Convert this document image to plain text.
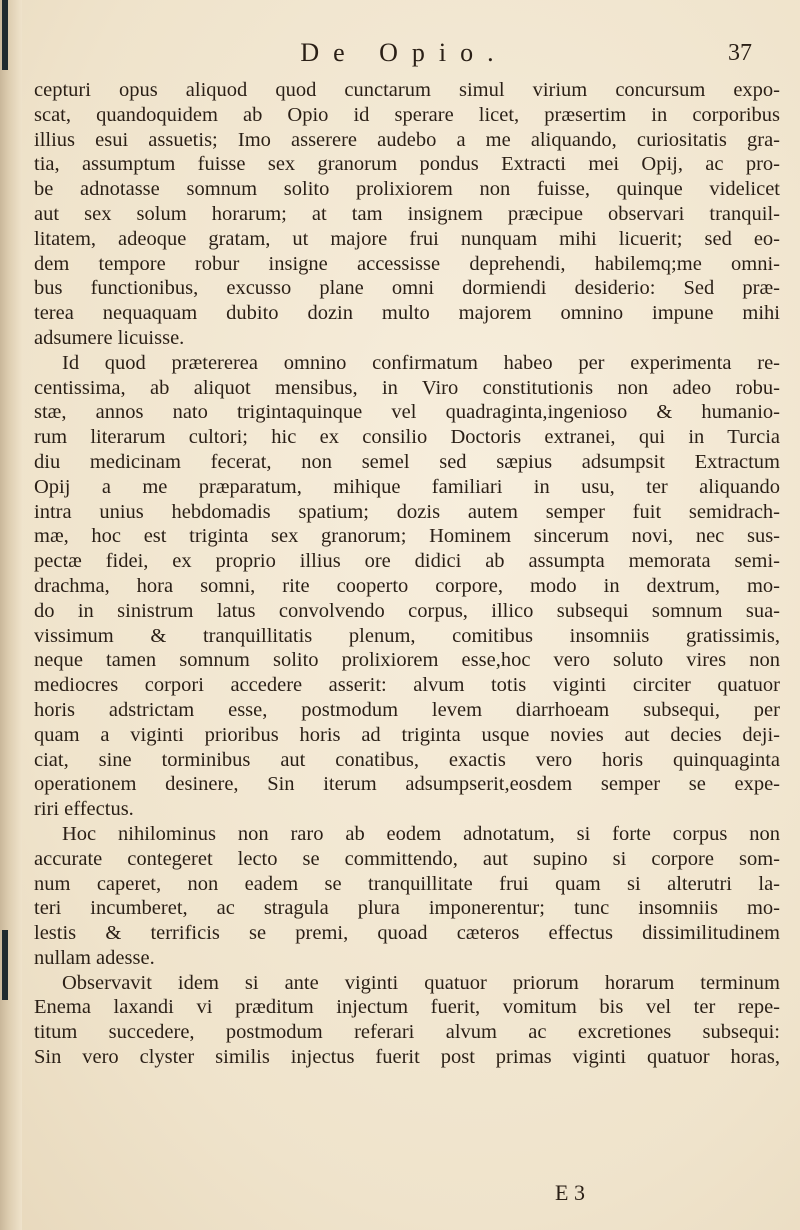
De Opio.	37
cepturi opus aliquod quod cunctarum simul virium concursum expo-
scat, quandoquidem ab Opio id sperare licet, præsertim in corporibus
illius esui assuetis; Imo asserere audebo a me aliquando, curiositatis gra-
tia, assumptum fuisse sex granorum pondus Extracti mei Opij, ac pro-
be adnotasse somnum solito prolixiorem non fuisse, quinque videlicet
aut sex solum horarum; at tam insignem præcipue observari tranquil-
litatem, adeoque gratam, ut majore frui nunquam mihi licuerit; sed eo-
dem tempore robur insigne accessisse deprehendi, habilemq;me omni-
bus functionibus, excusso plane omni dormiendi desiderio: Sed præ-
terea nequaquam dubito dozin multo majorem omnino impune mihi
adsumere licuisse.
Id quod prætererea omnino confirmatum habeo per experimenta re-
centissima, ab aliquot mensibus, in Viro constitutionis non adeo robu-
stæ, annos nato trigintaquinque vel quadraginta,ingenioso & humanio-
rum literarum cultori; hic ex consilio Doctoris extranei, qui in Turcia
diu medicinam fecerat, non semel sed sæpius adsumpsit Extractum
Opij a me præparatum, mihique familiari in usu, ter aliquando
intra unius hebdomadis spatium; dozis autem semper fuit semidrach-
mæ, hoc est triginta sex granorum; Hominem sincerum novi, nec sus-
pectæ fidei, ex proprio illius ore didici ab assumpta memorata semi-
drachma, hora somni, rite cooperto corpore, modo in dextrum, mo-
do in sinistrum latus convolvendo corpus, illico subsequi somnum sua-
vissimum & tranquillitatis plenum, comitibus insomniis gratissimis,
neque tamen somnum solito prolixiorem esse,hoc vero soluto vires non
mediocres corpori accedere asserit: alvum totis viginti circiter quatuor
horis adstrictam esse, postmodum levem diarrhoeam subsequi, per
quam a viginti prioribus horis ad triginta usque novies aut decies deji-
ciat, sine torminibus aut conatibus, exactis vero horis quinquaginta
operationem desinere, Sin iterum adsumpserit,eosdem semper se expe-
riri effectus.
Hoc nihilominus non raro ab eodem adnotatum, si forte corpus non
accurate contegeret lecto se committendo, aut supino si corpore som-
num caperet, non eadem se tranquillitate frui quam si alterutri la-
teri incumberet, ac stragula plura imponerentur; tunc insomniis mo-
lestis & terrificis se premi, quoad cæteros effectus dissimilitudinem
nullam adesse.
Observavit idem si ante viginti quatuor priorum horarum terminum
Enema laxandi vi præditum injectum fuerit, vomitum bis vel ter repe-
titum succedere, postmodum referari alvum ac excretiones subsequi:
Sin vero clyster similis injectus fuerit post primas viginti quatuor horas,
E 3
